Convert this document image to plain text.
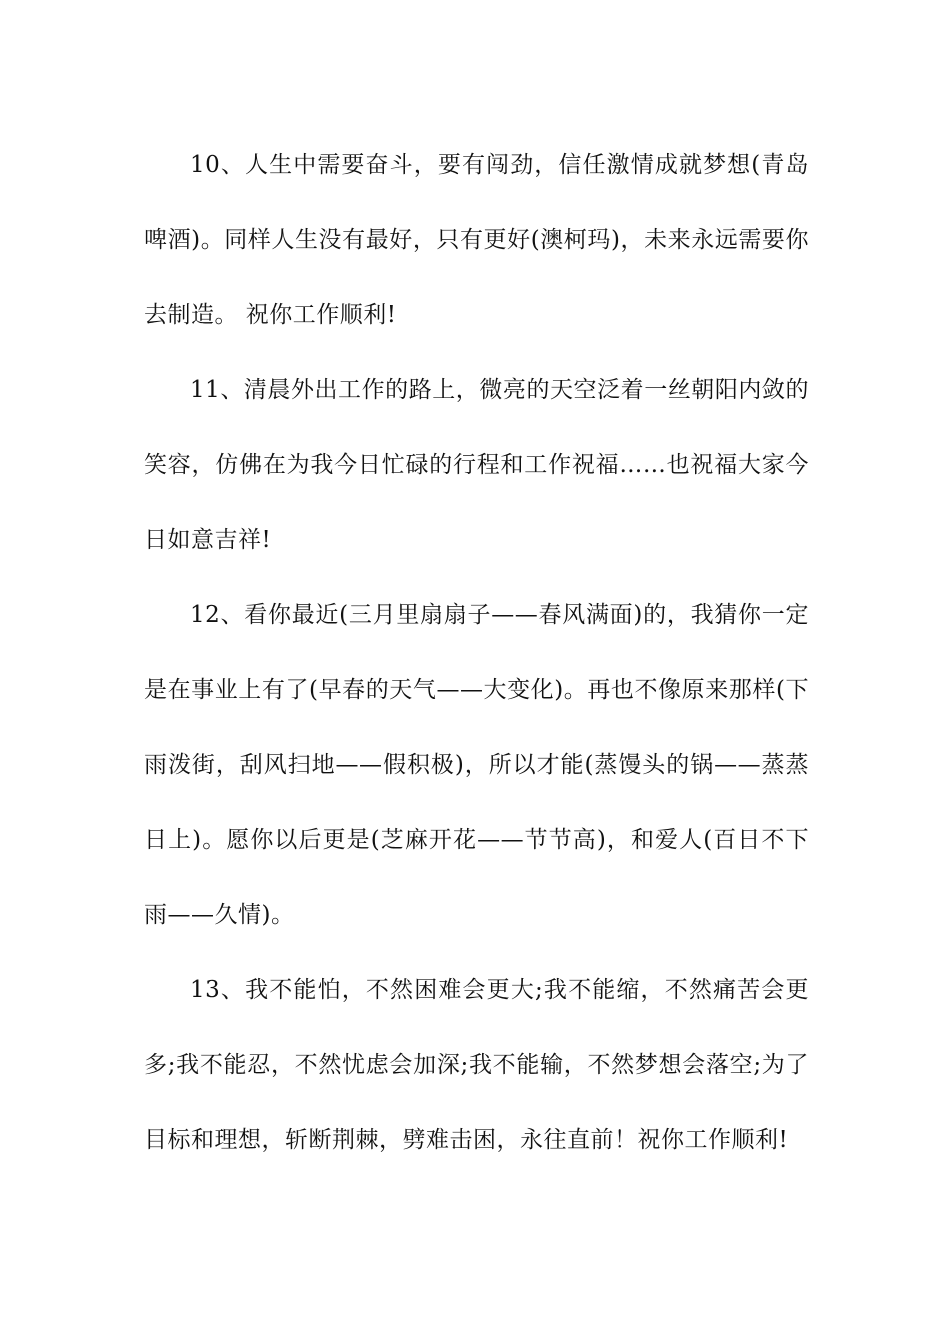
10、人生中需要奋斗，要有闯劲，信任激情成就梦想(青岛啤酒)。同样人生没有最好，只有更好(澳柯玛)，未来永远需要你去制造。 祝你工作顺利!

11、清晨外出工作的路上，微亮的天空泛着一丝朝阳内敛的笑容，仿佛在为我今日忙碌的行程和工作祝福……也祝福大家今日如意吉祥!

12、看你最近(三月里扇扇子——春风满面)的，我猜你一定是在事业上有了(早春的天气——大变化)。再也不像原来那样(下雨泼街，刮风扫地——假积极)，所以才能(蒸馒头的锅——蒸蒸日上)。愿你以后更是(芝麻开花——节节高)，和爱人(百日不下雨——久情)。

13、我不能怕，不然困难会更大;我不能缩，不然痛苦会更多;我不能忍，不然忧虑会加深;我不能输，不然梦想会落空;为了目标和理想，斩断荆棘，劈难击困，永往直前！祝你工作顺利!
